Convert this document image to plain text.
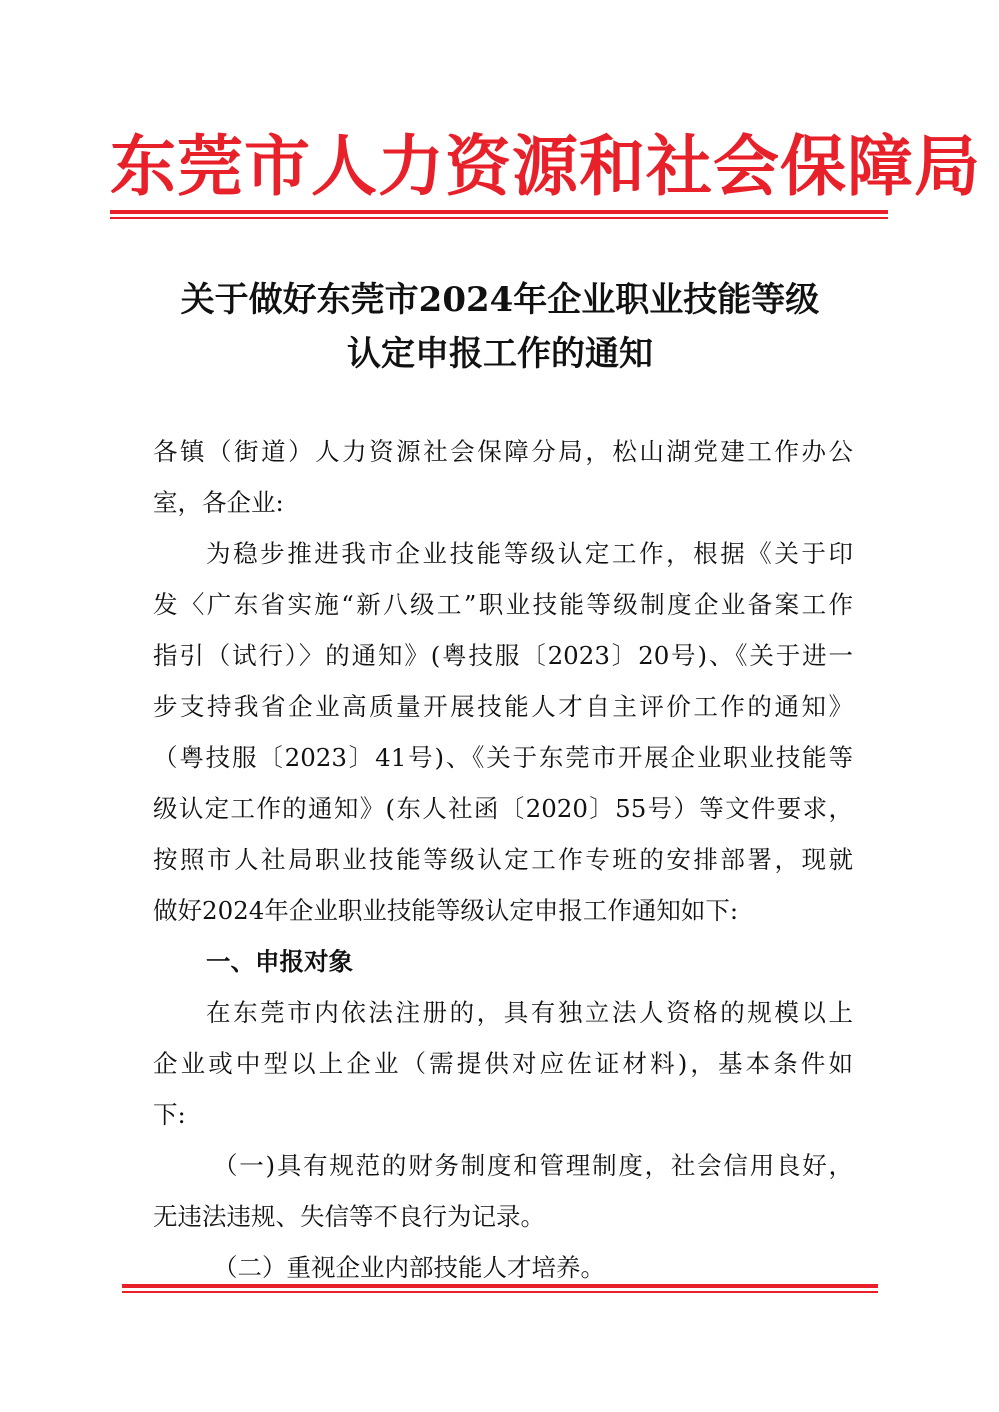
东莞市人力资源和社会保障局
关于做好东莞市2024年企业职业技能等级
认定申报工作的通知
各镇（街道）人力资源社会保障分局，松山湖党建工作办公
室，各企业:
为稳步推进我市企业技能等级认定工作，根据《关于印
发〈广东省实施“新八级工”职业技能等级制度企业备案工作
指引（试行）〉的通知》(粤技服〔2023〕20号)、《关于进一
步支持我省企业高质量开展技能人才自主评价工作的通知》
（粤技服〔2023〕41号)、《关于东莞市开展企业职业技能等
级认定工作的通知》(东人社函〔2020〕55号）等文件要求，
按照市人社局职业技能等级认定工作专班的安排部署，现就
做好2024年企业职业技能等级认定申报工作通知如下:
一、申报对象
在东莞市内依法注册的，具有独立法人资格的规模以上
企业或中型以上企业（需提供对应佐证材料)，基本条件如
下:
（一)具有规范的财务制度和管理制度，社会信用良好，
无违法违规、失信等不良行为记录。
（二）重视企业内部技能人才培养。
